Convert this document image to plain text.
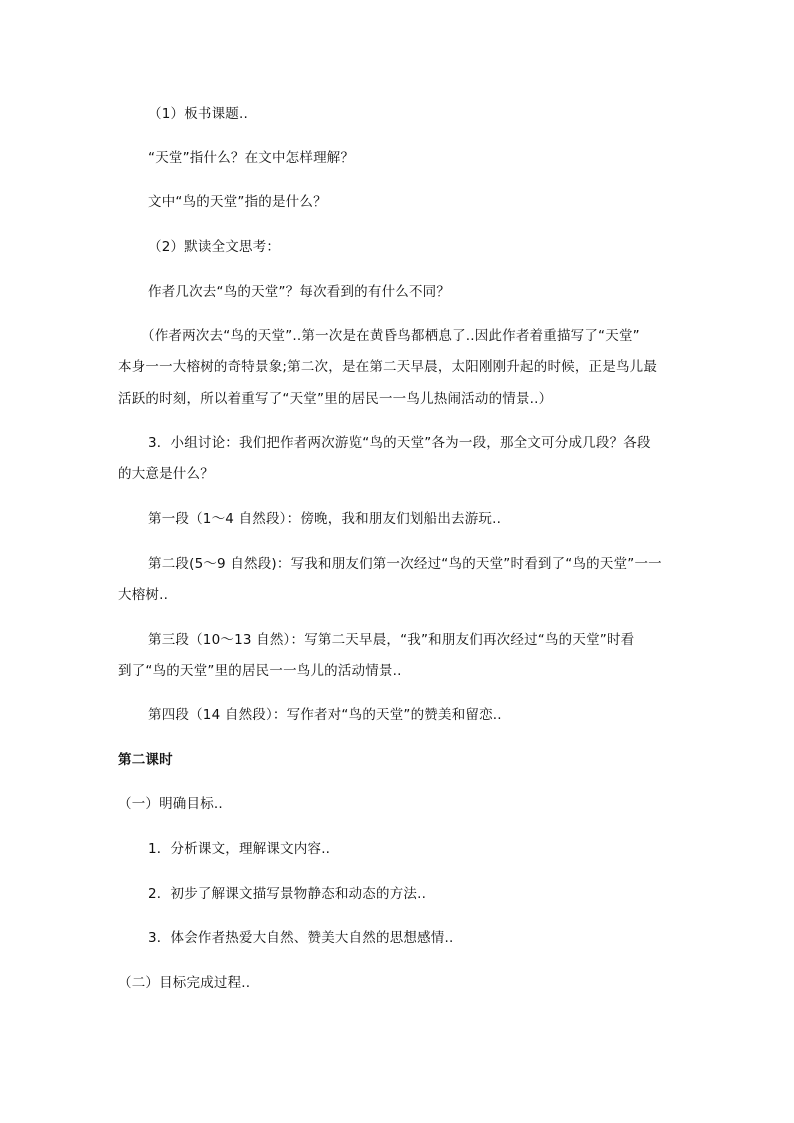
（1）板书课题..
“天堂”指什么？在文中怎样理解？
文中“鸟的天堂”指的是什么？
（2）默读全文思考：
作者几次去“鸟的天堂”？每次看到的有什么不同？
（作者两次去“鸟的天堂”..第一次是在黄昏鸟都栖息了..因此作者着重描写了“天堂”
本身一一大榕树的奇特景象;第二次，是在第二天早晨，太阳刚刚升起的时候，正是鸟儿最
活跃的时刻，所以着重写了“天堂”里的居民一一鸟儿热闹活动的情景..）
3．小组讨论：我们把作者两次游览“鸟的天堂”各为一段，那全文可分成几段？各段
的大意是什么？
第一段（1～4 自然段）：傍晚，我和朋友们划船出去游玩..
第二段(5～9 自然段)：写我和朋友们第一次经过“鸟的天堂”时看到了“鸟的天堂”一一
大榕树..
第三段（10～13 自然）：写第二天早晨，“我”和朋友们再次经过“鸟的天堂”时看
到了“鸟的天堂”里的居民一一鸟儿的活动情景..
第四段（14 自然段）：写作者对“鸟的天堂”的赞美和留恋..
第二课时
（一）明确目标..
1．分析课文，理解课文内容..
2．初步了解课文描写景物静态和动态的方法..
3．体会作者热爱大自然、赞美大自然的思想感情..
（二）目标完成过程..
